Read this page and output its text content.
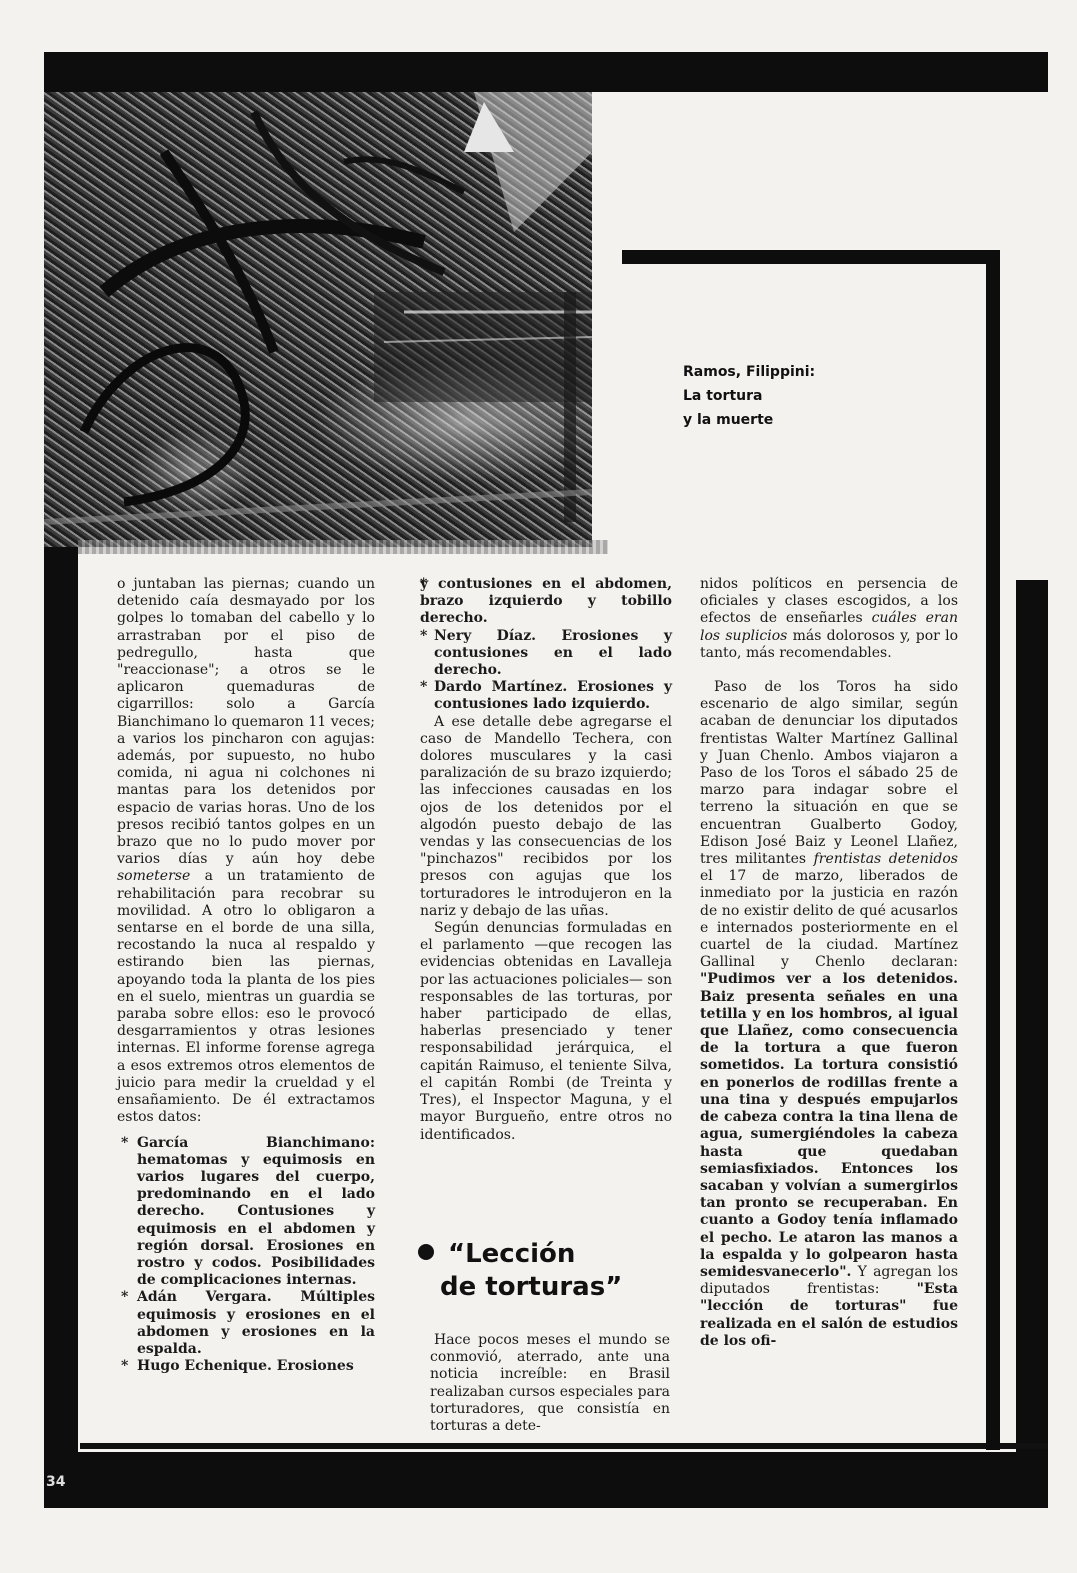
34
Ramos, Filippini:
La tortura
y la muerte

o juntaban las piernas; cuando un detenido caía desmayado por los golpes lo tomaban del cabello y lo arrastraban por el piso de pedregullo, hasta que "reaccionase"; a otros se le aplicaron quemaduras de cigarrillos: solo a García Bianchimano lo quemaron 11 veces; a varios los pincharon con agujas: además, por supuesto, no hubo comida, ni agua ni colchones ni mantas para los detenidos por espacio de varias horas. Uno de los presos recibió tantos golpes en un brazo que no lo pudo mover por varios días y aún hoy debe someterse a un tratamiento de rehabilitación para recobrar su movilidad. A otro lo obligaron a sentarse en el borde de una silla, recostando la nuca al respaldo y estirando bien las piernas, apoyando toda la planta de los pies en el suelo, mientras un guardia se paraba sobre ellos: eso le provocó desgarramientos y otras lesiones internas. El informe forense agrega a esos extremos otros elementos de juicio para medir la crueldad y el ensañamiento. De él extractamos estos datos:

* García Bianchimano: hematomas y equimosis en varios lugares del cuerpo, predominando en el lado derecho. Contusiones y equimosis en el abdomen y región dorsal. Erosiones en rostro y codos. Posibilidades de complicaciones internas.
* Adán Vergara. Múltiples equimosis y erosiones en el abdomen y erosiones en la espalda.
* Hugo Echenique. Erosiones
* y contusiones en el abdomen, brazo izquierdo y tobillo derecho.
* Nery Díaz. Erosiones y contusiones en el lado derecho.
* Dardo Martínez. Erosiones y contusiones lado izquierdo.

A ese detalle debe agregarse el caso de Mandello Techera, con dolores musculares y la casi paralización de su brazo izquierdo; las infecciones causadas en los ojos de los detenidos por el algodón puesto debajo de las vendas y las consecuencias de los "pinchazos" recibidos por los presos con agujas que los torturadores le introdujeron en la nariz y debajo de las uñas.

Según denuncias formuladas en el parlamento —que recogen las evidencias obtenidas en Lavalleja por las actuaciones policiales— son responsables de las torturas, por haber participado de ellas, haberlas presenciado y tener responsabilidad jerárquica, el capitán Raimuso, el teniente Silva, el capitán Rombi (de Treinta y Tres), el Inspector Maguna, y el mayor Burgueño, entre otros no identificados.

“Lección
de torturas”

Hace pocos meses el mundo se conmovió, aterrado, ante una noticia increíble: en Brasil realizaban cursos especiales para torturadores, que consistía en torturas a dete-

nidos políticos en persencia de oficiales y clases escogidos, a los efectos de enseñarles cuáles eran los suplicios más dolorosos y, por lo tanto, más recomendables.

Paso de los Toros ha sido escenario de algo similar, según acaban de denunciar los diputados frentistas Walter Martínez Gallinal y Juan Chenlo. Ambos viajaron a Paso de los Toros el sábado 25 de marzo para indagar sobre el terreno la situación en que se encuentran Gualberto Godoy, Edison José Baiz y Leonel Llañez, tres militantes frentistas detenidos el 17 de marzo, liberados de inmediato por la justicia en razón de no existir delito de qué acusarlos e internados posteriormente en el cuartel de la ciudad. Martínez Gallinal y Chenlo declaran: "Pudimos ver a los detenidos. Baiz presenta señales en una tetilla y en los hombros, al igual que Llañez, como consecuencia de la tortura a que fueron sometidos. La tortura consistió en ponerlos de rodillas frente a una tina y después empujarlos de cabeza contra la tina llena de agua, sumergiéndoles la cabeza hasta que quedaban semiasfixiados. Entonces los sacaban y volvían a sumergirlos tan pronto se recuperaban. En cuanto a Godoy tenía inflamado el pecho. Le ataron las manos a la espalda y lo golpearon hasta semidesvanecerlo". Y agregan los diputados frentistas: "Esta "lección de torturas" fue realizada en el salón de estudios de los ofi-
